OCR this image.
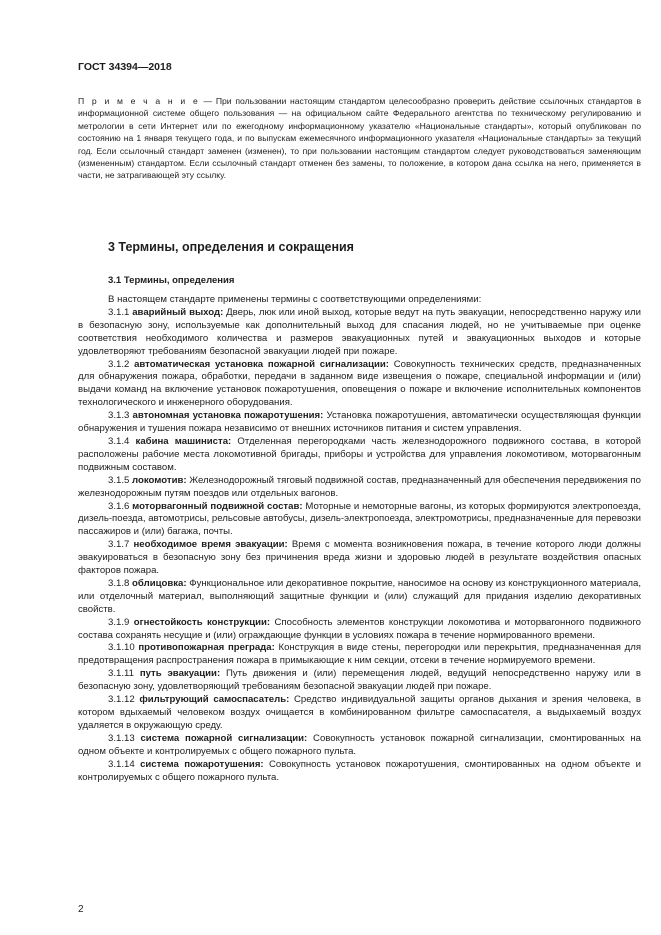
ГОСТ 34394—2018
П р и м е ч а н и е — При пользовании настоящим стандартом целесообразно проверить действие ссылочных стандартов в информационной системе общего пользования — на официальном сайте Федерального агентства по техническому регулированию и метрологии в сети Интернет или по ежегодному информационному указателю «Национальные стандарты», который опубликован по состоянию на 1 января текущего года, и по выпускам ежемесячного информационного указателя «Национальные стандарты» за текущий год. Если ссылочный стандарт заменен (изменен), то при пользовании настоящим стандартом следует руководствоваться заменяющим (измененным) стандартом. Если ссылочный стандарт отменен без замены, то положение, в котором дана ссылка на него, применяется в части, не затрагивающей эту ссылку.
3 Термины, определения и сокращения
3.1 Термины, определения

В настоящем стандарте применены термины с соответствующими определениями:

3.1.1 аварийный выход: Дверь, люк или иной выход, которые ведут на путь эвакуации, непосредственно наружу или в безопасную зону, используемые как дополнительный выход для спасания людей, но не учитываемые при оценке соответствия необходимого количества и размеров эвакуационных путей и эвакуационных выходов и которые удовлетворяют требованиям безопасной эвакуации людей при пожаре.

3.1.2 автоматическая установка пожарной сигнализации: Совокупность технических средств, предназначенных для обнаружения пожара, обработки, передачи в заданном виде извещения о пожаре, специальной информации и (или) выдачи команд на включение установок пожаротушения, оповещения о пожаре и включение исполнительных компонентов технологического и инженерного оборудования.

3.1.3 автономная установка пожаротушения: Установка пожаротушения, автоматически осуществляющая функции обнаружения и тушения пожара независимо от внешних источников питания и систем управления.

3.1.4 кабина машиниста: Отделенная перегородками часть железнодорожного подвижного состава, в которой расположены рабочие места локомотивной бригады, приборы и устройства для управления локомотивом, моторвагонным подвижным составом.

3.1.5 локомотив: Железнодорожный тяговый подвижной состав, предназначенный для обеспечения передвижения по железнодорожным путям поездов или отдельных вагонов.

3.1.6 моторвагонный подвижной состав: Моторные и немоторные вагоны, из которых формируются электропоезда, дизель-поезда, автомотрисы, рельсовые автобусы, дизель-электропоезда, электромотрисы, предназначенные для перевозки пассажиров и (или) багажа, почты.

3.1.7 необходимое время эвакуации: Время с момента возникновения пожара, в течение которого люди должны эвакуироваться в безопасную зону без причинения вреда жизни и здоровью людей в результате воздействия опасных факторов пожара.

3.1.8 облицовка: Функциональное или декоративное покрытие, наносимое на основу из конструкционного материала, или отделочный материал, выполняющий защитные функции и (или) служащий для придания изделию декоративных свойств.

3.1.9 огнестойкость конструкции: Способность элементов конструкции локомотива и моторвагонного подвижного состава сохранять несущие и (или) ограждающие функции в условиях пожара в течение нормированного времени.

3.1.10 противопожарная преграда: Конструкция в виде стены, перегородки или перекрытия, предназначенная для предотвращения распространения пожара в примыкающие к ним секции, отсеки в течение нормируемого времени.

3.1.11 путь эвакуации: Путь движения и (или) перемещения людей, ведущий непосредственно наружу или в безопасную зону, удовлетворяющий требованиям безопасной эвакуации людей при пожаре.

3.1.12 фильтрующий самоспасатель: Средство индивидуальной защиты органов дыхания и зрения человека, в котором вдыхаемый человеком воздух очищается в комбинированном фильтре самоспасателя, а выдыхаемый воздух удаляется в окружающую среду.

3.1.13 система пожарной сигнализации: Совокупность установок пожарной сигнализации, смонтированных на одном объекте и контролируемых с общего пожарного пульта.

3.1.14 система пожаротушения: Совокупность установок пожаротушения, смонтированных на одном объекте и контролируемых с общего пожарного пульта.

2
